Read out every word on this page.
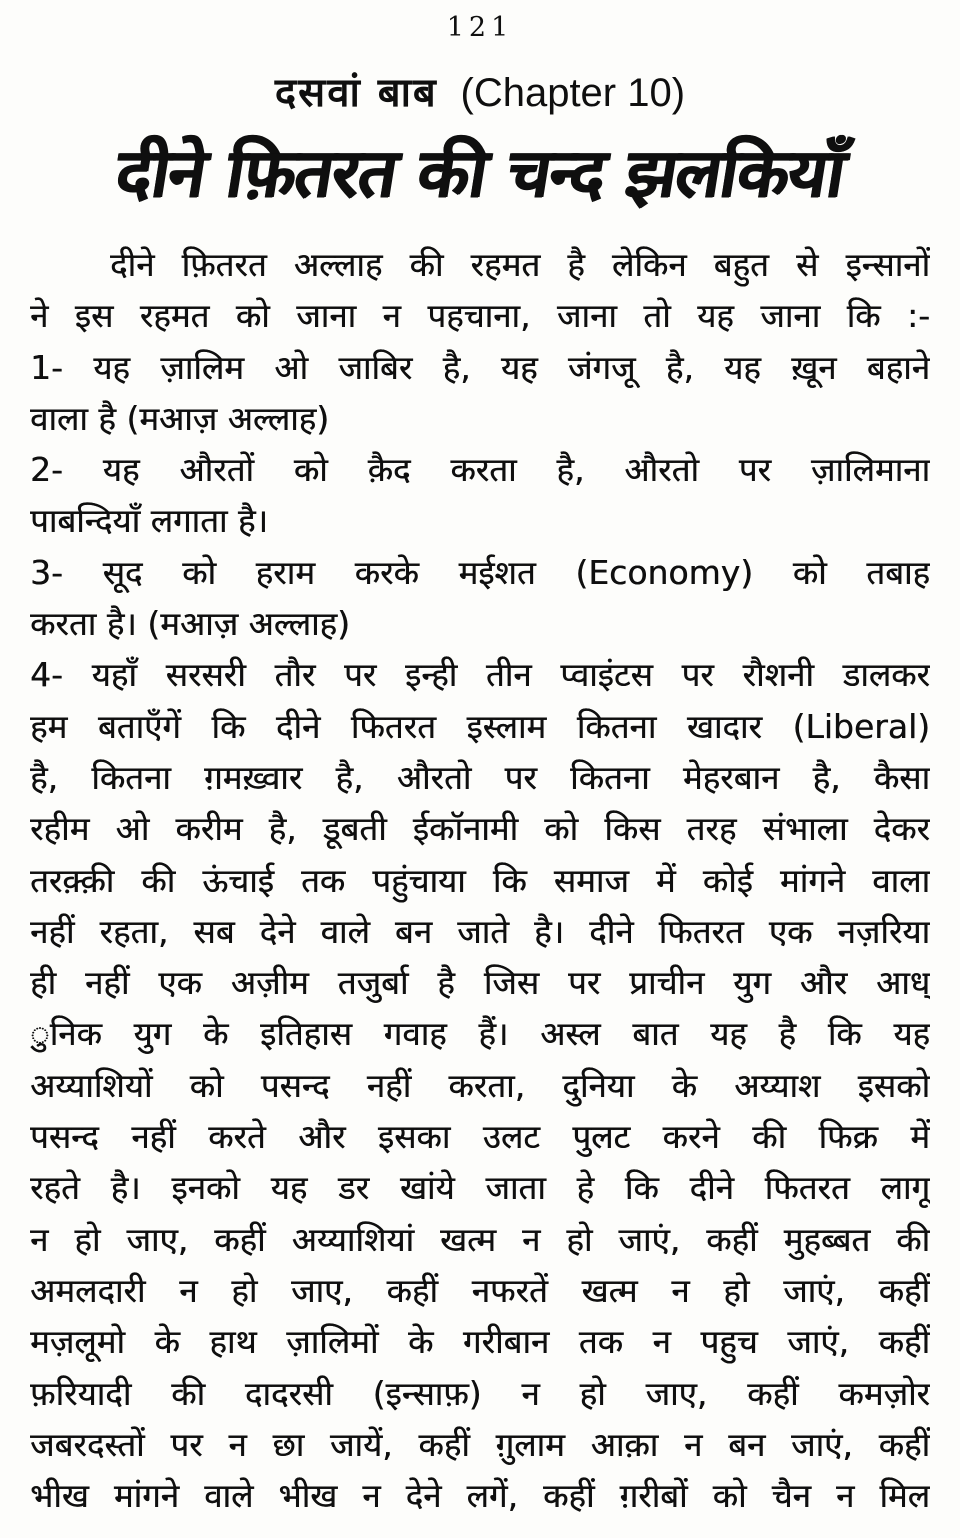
121
दसवां बाब (Chapter 10)
दीने फ़ितरत की चन्द झलकियाँ
दीने फ़ितरत अल्लाह की रहमत है लेकिन बहुत से इन्सानों
ने इस रहमत को जाना न पहचाना, जाना तो यह जाना कि :-
1- यह ज़ालिम ओ जाबिर है, यह जंगजू है, यह ख़ून बहाने
वाला है (मआज़ अल्लाह)
2- यह औरतों को क़ैद करता है, औरतो पर ज़ालिमाना
पाबन्दियाँ लगाता है।
3- सूद को हराम करके मईशत (Economy) को तबाह
करता है। (मआज़ अल्लाह)
4- यहाँ सरसरी तौर पर इन्ही तीन प्वाइंटस पर रौशनी डालकर
हम बताएँगें कि दीने फितरत इस्लाम कितना खादार (Liberal)
है, कितना ग़मख़्वार है, औरतो पर कितना मेहरबान है, कैसा
रहीम ओ करीम है, डूबती ईकॉनामी को किस तरह संभाला देकर
तरक़्क़ी की ऊंचाई तक पहुंचाया कि समाज में कोई मांगने वाला
नहीं रहता, सब देने वाले बन जाते है। दीने फितरत एक नज़रिया
ही नहीं एक अज़ीम तजुर्बा है जिस पर प्राचीन युग और आध्
ुनिक युग के इतिहास गवाह हैं। अस्ल बात यह है कि यह
अय्याशियों को पसन्द नहीं करता, दुनिया के अय्याश इसको
पसन्द नहीं करते और इसका उलट पुलट करने की फिक्र में
रहते है। इनको यह डर खांये जाता हे कि दीने फितरत लागू
न हो जाए, कहीं अय्याशियां खत्म न हो जाएं, कहीं मुहब्बत की
अमलदारी न हो जाए, कहीं नफरतें खत्म न हो जाएं, कहीं
मज़लूमो के हाथ ज़ालिमों के गरीबान तक न पहुच जाएं, कहीं
फ़रियादी की दादरसी (इन्साफ़) न हो जाए, कहीं कमज़ोर
जबरदस्तों पर न छा जायें, कहीं ग़ुलाम आक़ा न बन जाएं, कहीं
भीख मांगने वाले भीख न देने लगें, कहीं ग़रीबों को चैन न मिल
